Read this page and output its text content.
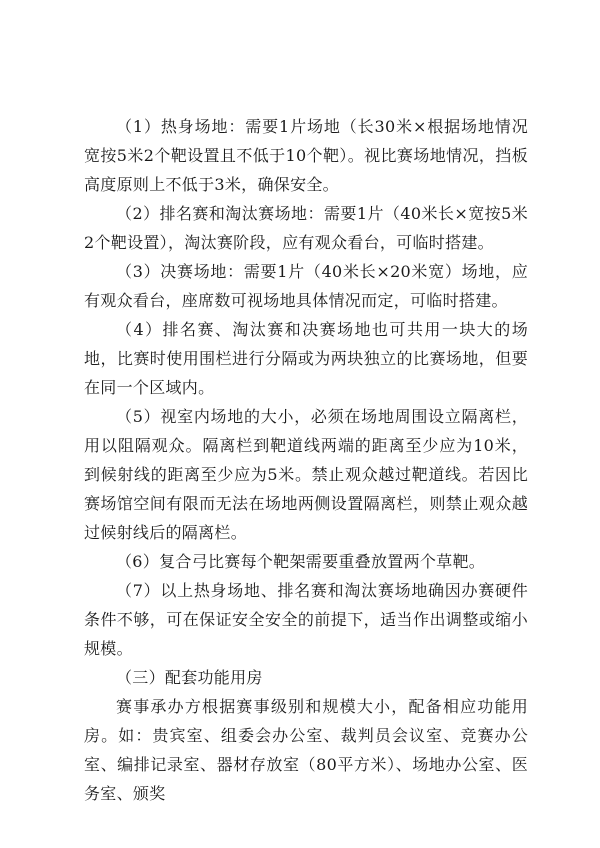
（1）热身场地：需要1片场地（长30米×根据场地情况宽按5米2个靶设置且不低于10个靶）。视比赛场地情况，挡板高度原则上不低于3米，确保安全。

（2）排名赛和淘汰赛场地：需要1片（40米长×宽按5米2个靶设置），淘汰赛阶段，应有观众看台，可临时搭建。

（3）决赛场地：需要1片（40米长×20米宽）场地，应有观众看台，座席数可视场地具体情况而定，可临时搭建。

（4）排名赛、淘汰赛和决赛场地也可共用一块大的场地，比赛时使用围栏进行分隔或为两块独立的比赛场地，但要在同一个区域内。

（5）视室内场地的大小，必须在场地周围设立隔离栏，用以阻隔观众。隔离栏到靶道线两端的距离至少应为10米，到候射线的距离至少应为5米。禁止观众越过靶道线。若因比赛场馆空间有限而无法在场地两侧设置隔离栏，则禁止观众越过候射线后的隔离栏。

（6）复合弓比赛每个靶架需要重叠放置两个草靶。

（7）以上热身场地、排名赛和淘汰赛场地确因办赛硬件条件不够，可在保证安全安全的前提下，适当作出调整或缩小规模。

（三）配套功能用房

赛事承办方根据赛事级别和规模大小，配备相应功能用房。如：贵宾室、组委会办公室、裁判员会议室、竞赛办公室、编排记录室、器材存放室（80平方米）、场地办公室、医务室、颁奖
